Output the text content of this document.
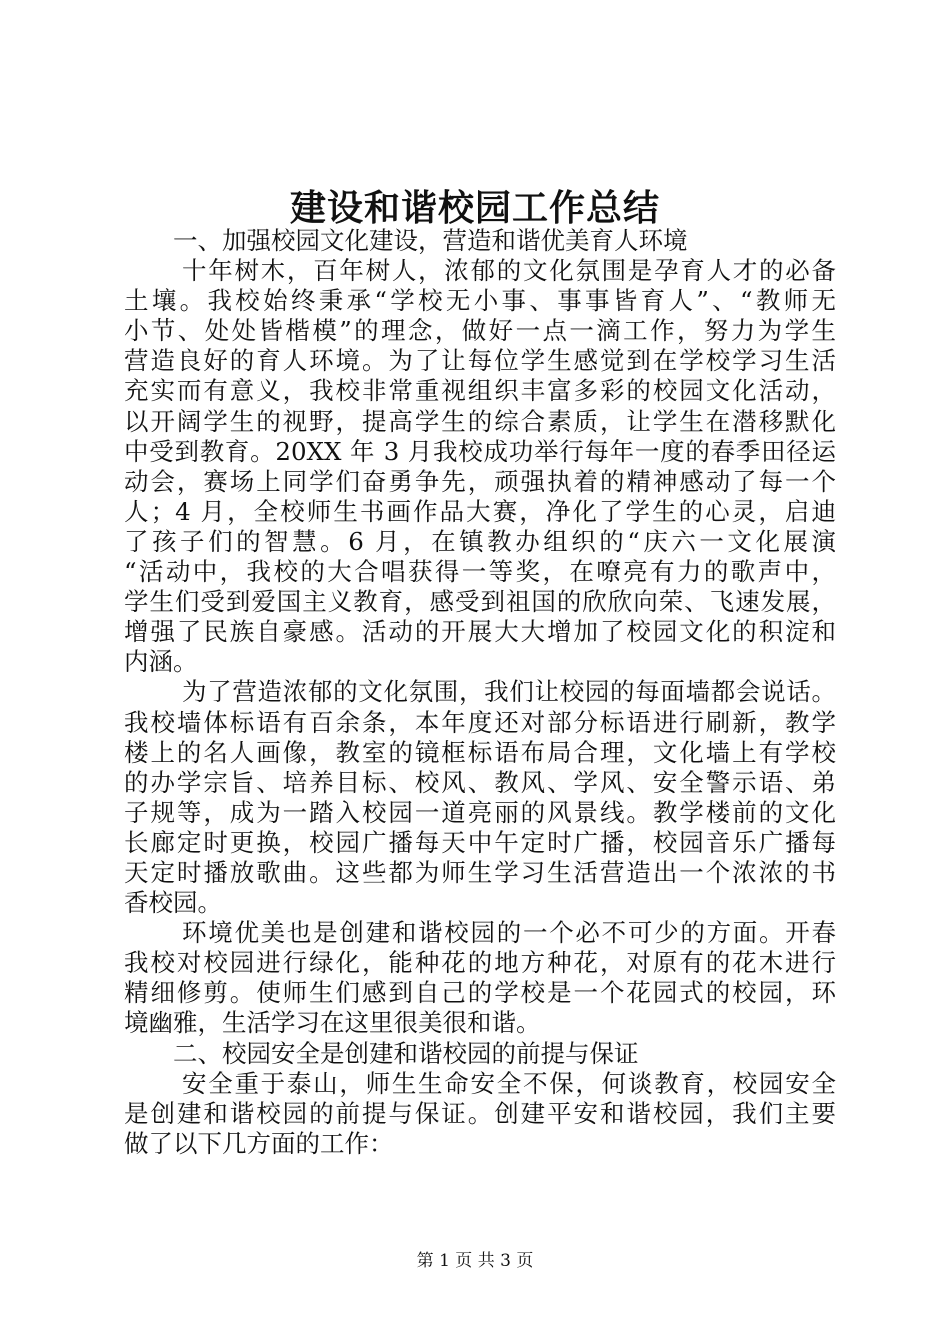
建设和谐校园工作总结
一、加强校园文化建设，营造和谐优美育人环境
十年树木，百年树人，浓郁的文化氛围是孕育人才的必备
土壤。我校始终秉承“学校无小事、事事皆育人”、“教师无
小节、处处皆楷模”的理念，做好一点一滴工作，努力为学生
营造良好的育人环境。为了让每位学生感觉到在学校学习生活
充实而有意义，我校非常重视组织丰富多彩的校园文化活动，
以开阔学生的视野，提高学生的综合素质，让学生在潜移默化
中受到教育。20XX 年 3 月我校成功举行每年一度的春季田径运
动会，赛场上同学们奋勇争先，顽强执着的精神感动了每一个
人；4 月，全校师生书画作品大赛，净化了学生的心灵，启迪
了孩子们的智慧。6 月，在镇教办组织的“庆六一文化展演
“活动中，我校的大合唱获得一等奖，在嘹亮有力的歌声中，
学生们受到爱国主义教育，感受到祖国的欣欣向荣、飞速发展，
增强了民族自豪感。活动的开展大大增加了校园文化的积淀和
内涵。
为了营造浓郁的文化氛围，我们让校园的每面墙都会说话。
我校墙体标语有百余条，本年度还对部分标语进行刷新，教学
楼上的名人画像，教室的镜框标语布局合理，文化墙上有学校
的办学宗旨、培养目标、校风、教风、学风、安全警示语、弟
子规等，成为一踏入校园一道亮丽的风景线。教学楼前的文化
长廊定时更换，校园广播每天中午定时广播，校园音乐广播每
天定时播放歌曲。这些都为师生学习生活营造出一个浓浓的书
香校园。
环境优美也是创建和谐校园的一个必不可少的方面。开春
我校对校园进行绿化，能种花的地方种花，对原有的花木进行
精细修剪。使师生们感到自己的学校是一个花园式的校园，环
境幽雅，生活学习在这里很美很和谐。
二、校园安全是创建和谐校园的前提与保证
安全重于泰山，师生生命安全不保，何谈教育，校园安全
是创建和谐校园的前提与保证。创建平安和谐校园，我们主要
做了以下几方面的工作：
第 1 页 共 3 页
